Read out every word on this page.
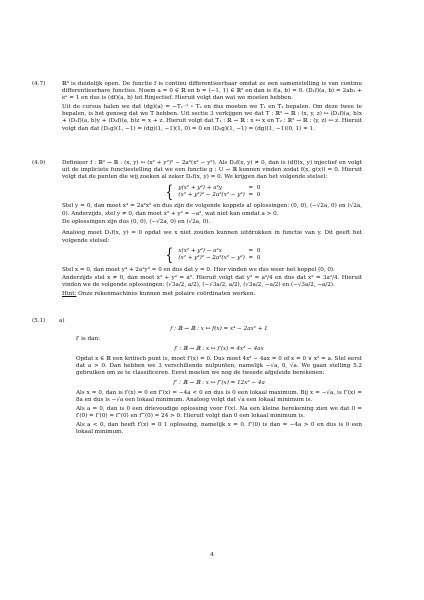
(4.7)	ℝ³ is duidelijk open. De functie f is continu differentieerbaar omdat ze een samenstelling is van continu differentieerbare functies. Noem a = 0 ∈ ℝ en b = (−1, 1) ∈ ℝ² en dan is f(a, b) = 0. (D₁f)(a, b) = 2ab₁ + eᵃ = 1 en dus is (df)(a, b) tot Rinjectief. Hieruit volgt dan wat we moeten hebben.

Uit de cursus halen we dat (dg)(a) = −T₁⁻¹ ∘ T₂ en dus moeten we T₁ en T₂ bepalen. Om deze twee te bepalen, is het genoeg dat we T hebben. Uit sectie 3 verkijgen we dat T : ℝ³ → ℝ : (x, y, z) ↦ (D₁f)(a, b)x + (D₂f)(a, b)y + (D₃f)(a, b)z = x + z. Hieruit volgt dat T₁ : ℝ → ℝ : x ↦ x en T₂ : ℝ² → ℝ : (y, z) ↦ z. Hieruit volgt dan dat (D₁g)(1, −1) = (dg)(1, −1)(1, 0) = 0 en (D₂g)(1, −1) = (dg)(1, −1)(0, 1) = 1.

(4.9)	Definieer f : ℝ² → ℝ : (x, y) ↦ (x² + y²)² − 2a²(x² − y²). Als D₂f(x, y) ≠ 0, dan is (df)(x, y) injectief en volgt uit de impliciete functiestelling dat we een functie g : U → ℝ kunnen vinden zodat f(x, g(x)) = 0. Hieruit volgt dat de punten die wij zoeken al zeker D₂f(x, y) = 0. We krijgen dan het volgende stelsel:

{ y(x² + y²) + a²y	= 0
(x² + y²)² − 2a²(x² − y²) = 0

Stel y = 0, dan moet x⁴ = 2a²x² en dus zijn de volgende koppels al oplossingen: (0, 0), (−√2a, 0) en (√2a, 0). Anderzijds, stel y ≠ 0, dan moet x² + y² = −a², wat niet kan omdat a > 0.

De oplossingen zijn dus (0, 0), (−√2a, 0) en (√2a, 0).

Analoog moet D₁f(x, y) = 0 opdat we x niet zouden kunnen uitdrukken in functie van y. Dit geeft het volgende stelsel:

{ x(x² + y²) − a²x	= 0
(x² + y²)² − 2a²(x² − y²) = 0

Stel x = 0, dan moet y⁴ + 2a²y² = 0 en dus dat y = 0. Hier vinden we dus weer het koppel (0, 0).

Anderzijds stel x ≠ 0, dan moet x² + y² = a². Hieruit volgt dat y² = a²/4 en dus dat x² = 3a²/4. Hieruit vinden we de volgende oplossingen: (√3a/2, a/2), (−√3a/2, a/2), (√3a/2, −a/2) en (−√3a/2, −a/2).

Hint: Onze rekenmachines kunnen met polaire coördinaten werken.

(5.1) a)
f : ℝ → ℝ : x ↦ f(x) = x⁴ − 2ax² + 1

f′ is dan:

f′ : ℝ → ℝ : x ↦ f′(x) = 4x³ − 4ax

Opdat x ∈ ℝ een kritisch punt is, moet f′(x) = 0. Dus moet 4x³ − 4ax = 0 of x = 0 ∨ x² = a. Stel eerst dat a > 0. Dan hebben we 3 verschillende nulpunten, namelijk −√a, 0, √a. We gaan stelling 5.2 gebruiken om ze te classificeren. Eerst moeten we nog de tweede afgeleide berekenen:

f″ : ℝ → ℝ : x ↦ f″(x) = 12x² − 4a

Als x = 0, dan is f′(x) = 0 en f″(x) = −4a < 0 en dus is 0 een lokaal maximum. Bij x = −√a, is f″(x) = 8a en dus is −√a een lokaal minimum. Analoog volgt dat √a een lokaal minimum is.

Als a = 0, dan is 0 een drievoudige oplossing voor f′(x). Na een kleine berekening zien we dat 0 = f′(0) = f″(0) = f‴(0) en f⁗(0) = 24 > 0. Hieruit volgt dan 0 een lokaal minimum is.

Als a < 0, dan heeft f′(x) = 0 1 oplossing, namelijk x = 0. f″(0) is dan = −4a > 0 en dus is 0 een lokaal minimum.

4
